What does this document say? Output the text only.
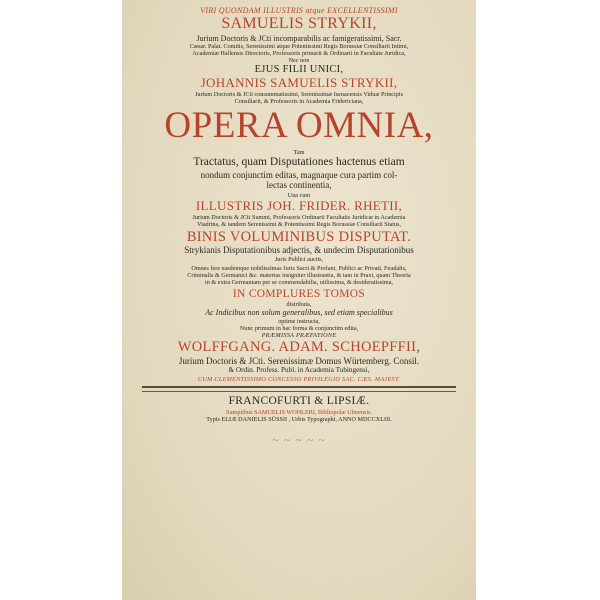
VIRI QUONDAM ILLUSTRIS atque EXCELLENTISSIMI
SAMUELIS STRYKII,
Jurium Doctoris & JCti incomparabilis ac famigeratissimi, Sacr.
Cæsar. Palat. Comitis, Serenissimi atque Potentissimi Regis Borussiæ Consiliarii Intimi,
Academiæ Hallensis Directoris, Professoris primarii & Ordinarii in Facultate Juridica,
Nec non
EJUS FILII UNICI,
JOHANNIS SAMUELIS STRYKII,
Jurium Doctoris & JCti consummatissimi, Serenissimæ Isenacensis Viduæ Principis
Consiliarii, & Professoris in Academia Fridericiana,
OPERA OMNIA,
Tam
Tractatus, quam Disputationes hactenus etiam
nondum conjunctim editas, magnaque cura partim col-
lectas continentia,
Una cum
ILLUSTRIS JOH. FRIDER. RHETII,
Jurium Doctoris & JCti Summi, Professoris Ordinarii Facultatis Juridicæ in Academia
Viadrina, & tandem Serenissimi & Potentissimi Regis Borussiæ Consiliarii Status,
BINIS VOLUMINIBUS DISPUTAT.
Strykianis Disputationibus adjectis, & undecim Disputationibus
Juris Publici auctis,
Omnes fere easdemque nobilissimas Juris Sacri & Profani, Publici ac Privati, Feudalis,
Criminalis & Germanici &c. materias insigniter illustrantia, & tam in Praxi, quam Theoria
in & extra Germaniam per se commendabilia, utilissima, & desideratissima,
IN COMPLURES TOMOS
distributa,
Ac Indicibus non solum generalibus, sed etiam specialibus
optime instructa,
Nunc primum in hac forma & conjunctim edita,
PRÆMISSA PRÆFATIONE
WOLFFGANG. ADAM. SCHOEPFFII,
Jurium Doctoris & JCti. Serenissimæ Domus Würtemberg. Consil.
& Ordin. Profess. Publ. in Academia Tubingensi,
CUM CLEMENTISSIMO CONCESSO PRIVILEGIO SAC. CÆS. MAJEST.
FRANCOFURTI & LIPSIÆ.
Sumptibus SAMUELIS WOHLERI, Bibliopolæ Ulmensis.
Typis ELIÆ DANIELIS SÜSSII , Urbis Typographi, ANNO MDCCXLIII.
~ ~ ~ ~ ~
